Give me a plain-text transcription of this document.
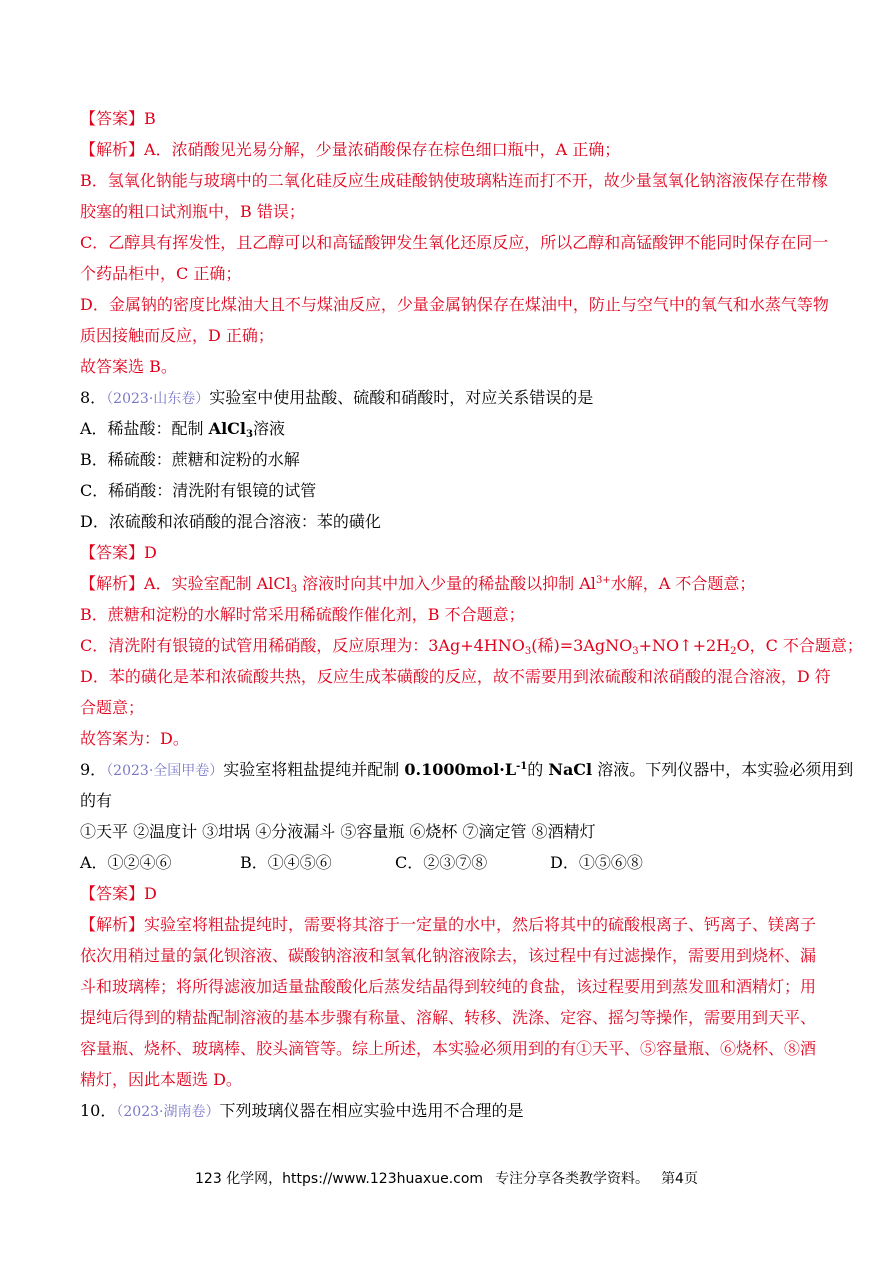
【答案】B
【解析】A．浓硝酸见光易分解，少量浓硝酸保存在棕色细口瓶中，A 正确；
B．氢氧化钠能与玻璃中的二氧化硅反应生成硅酸钠使玻璃粘连而打不开，故少量氢氧化钠溶液保存在带橡
胶塞的粗口试剂瓶中，B 错误；
C．乙醇具有挥发性，且乙醇可以和高锰酸钾发生氧化还原反应，所以乙醇和高锰酸钾不能同时保存在同一
个药品柜中，C 正确；
D．金属钠的密度比煤油大且不与煤油反应，少量金属钠保存在煤油中，防止与空气中的氧气和水蒸气等物
质因接触而反应，D 正确；
故答案选 B。
8．（2023·山东卷）实验室中使用盐酸、硫酸和硝酸时，对应关系错误的是
A．稀盐酸：配制 AlCl$_3$溶液
B．稀硫酸：蔗糖和淀粉的水解
C．稀硝酸：清洗附有银镜的试管
D．浓硫酸和浓硝酸的混合溶液：苯的磺化
【答案】D
【解析】A．实验室配制 AlCl$_3$ 溶液时向其中加入少量的稀盐酸以抑制 $Al^{3+}$水解，A 不合题意；
B．蔗糖和淀粉的水解时常采用稀硫酸作催化剂，B 不合题意；
C．清洗附有银镜的试管用稀硝酸，反应原理为：$3Ag+4HNO_3$(稀)$=3AgNO_3+NO↑+2H_2O$，C 不合题意；
D．苯的磺化是苯和浓硫酸共热，反应生成苯磺酸的反应，故不需要用到浓硫酸和浓硝酸的混合溶液，D 符
合题意；
故答案为：D。
9．（2023·全国甲卷）实验室将粗盐提纯并配制 $0.1000mol\cdot L^{-1}$的 NaCl 溶液。下列仪器中，本实验必须用到
的有
①天平 ②温度计 ③坩埚 ④分液漏斗 ⑤容量瓶 ⑥烧杯 ⑦滴定管 ⑧酒精灯
A．①②④⑥	B．①④⑤⑥	C．②③⑦⑧	D．①⑤⑥⑧
【答案】D
【解析】实验室将粗盐提纯时，需要将其溶于一定量的水中，然后将其中的硫酸根离子、钙离子、镁离子
依次用稍过量的氯化钡溶液、碳酸钠溶液和氢氧化钠溶液除去，该过程中有过滤操作，需要用到烧杯、漏
斗和玻璃棒；将所得滤液加适量盐酸酸化后蒸发结晶得到较纯的食盐，该过程要用到蒸发皿和酒精灯；用
提纯后得到的精盐配制溶液的基本步骤有称量、溶解、转移、洗涤、定容、摇匀等操作，需要用到天平、
容量瓶、烧杯、玻璃棒、胶头滴管等。综上所述，本实验必须用到的有①天平、⑤容量瓶、⑥烧杯、⑧酒
精灯，因此本题选 D。
10．（2023·湖南卷）下列玻璃仪器在相应实验中选用不合理的是
123 化学网，https://www.123huaxue.com 专注分享各类教学资料。 第4页
